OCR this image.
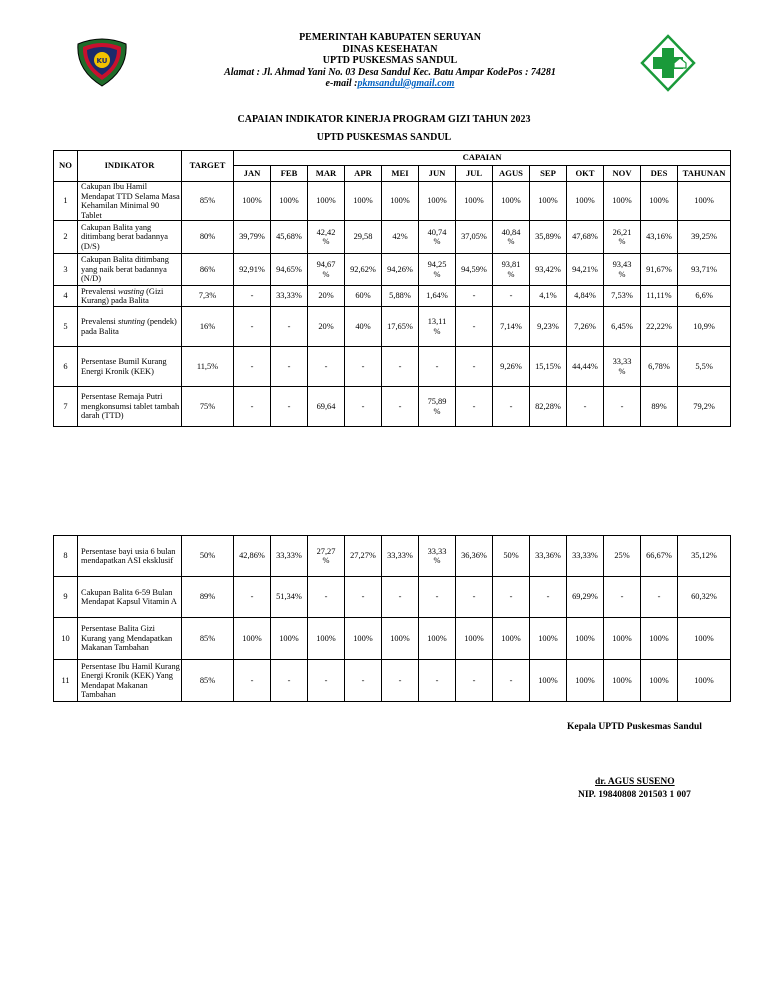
KU
PEMERINTAH KABUPATEN SERUYAN
DINAS KESEHATAN
UPTD PUSKESMAS SANDUL
Alamat : Jl. Ahmad Yani No. 03 Desa Sandul Kec. Batu Ampar KodePos : 74281
e-mail :pkmsandul@gmail.com
CAPAIAN INDIKATOR KINERJA PROGRAM GIZI TAHUN 2023
UPTD PUSKESMAS SANDUL
NO	INDIKATOR	TARGET	CAPAIAN												
			JAN	FEB	MAR	APR	MEI	JUN	JUL	AGUS	SEP	OKT	NOV	DES	TAHUNAN
1	Cakupan Ibu Hamil Mendapat TTD Selama Masa Kehamilan Minimal 90 Tablet	85%	100%	100%	100%	100%	100%	100%	100%	100%	100%	100%	100%	100%	100%
2	Cakupan Balita yang ditimbang berat badannya (D/S)	80%	39,79%	45,68%	42,42 %	29,58	42%	40,74 %	37,05%	40,84 %	35,89%	47,68%	26,21 %	43,16%	39,25%
3	Cakupan Balita ditimbang yang naik berat badannya (N/D)	86%	92,91%	94,65%	94,67 %	92,62%	94,26%	94,25 %	94,59%	93,81 %	93,42%	94,21%	93,43 %	91,67%	93,71%
4	Prevalensi wasting (Gizi Kurang) pada Balita	7,3%	-	33,33%	20%	60%	5,88%	1,64%	-	-	4,1%	4,84%	7,53%	11,11%	6,6%
5	Prevalensi stunting (pendek) pada Balita	16%	-	-	20%	40%	17,65%	13,11 %	-	7,14%	9,23%	7,26%	6,45%	22,22%	10,9%
6	Persentase Bumil Kurang Energi Kronik (KEK)	11,5%	-	-	-	-	-	-	-	9,26%	15,15%	44,44%	33,33 %	6,78%	5,5%
7	Persentase Remaja Putri mengkonsumsi tablet tambah darah (TTD)	75%	-	-	69,64	-	-	75,89 %	-	-	82,28%	-	-	89%	79,2%
8	Persentase bayi usia 6 bulan mendapatkan ASI eksklusif	50%	42,86%	33,33%	27,27 %	27,27%	33,33%	33,33 %	36,36%	50%	33,36%	33,33%	25%	66,67%	35,12%
9	Cakupan Balita 6-59 Bulan Mendapat Kapsul Vitamin A	89%	-	51,34%	-	-	-	-	-	-	-	69,29%	-	-	60,32%
10	Persentase Balita Gizi Kurang yang Mendapatkan Makanan Tambahan	85%	100%	100%	100%	100%	100%	100%	100%	100%	100%	100%	100%	100%	100%
11	Persentase Ibu Hamil Kurang Energi Kronik (KEK) Yang Mendapat Makanan Tambahan	85%	-	-	-	-	-	-	-	-	100%	100%	100%	100%	100%
Kepala UPTD Puskesmas Sandul
dr. AGUS SUSENO
NIP. 19840808 201503 1 007
